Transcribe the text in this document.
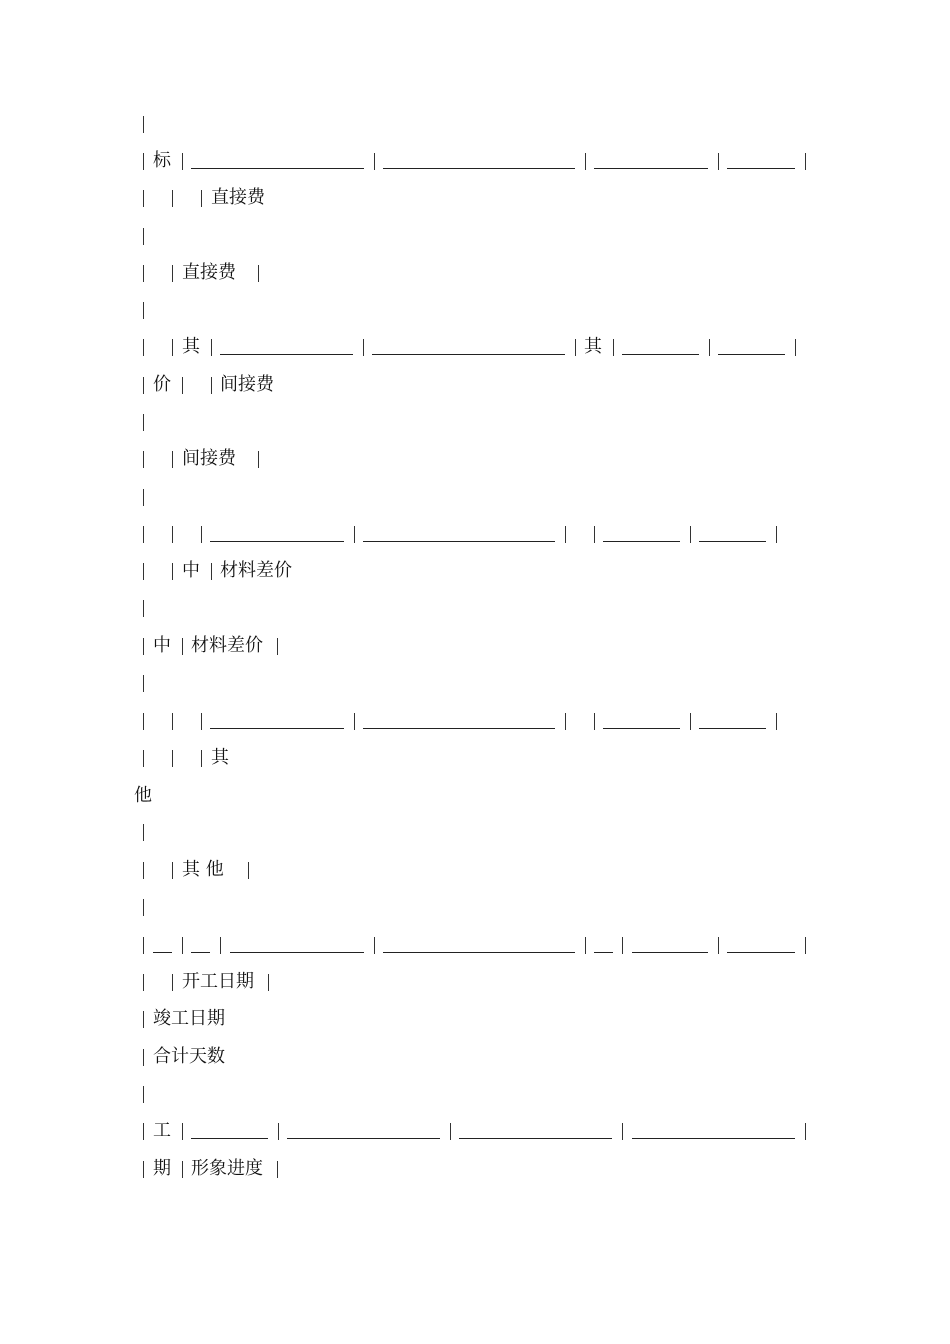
标
直接费
直接费
其	其
价	间接费
间接费
中 材料差价
中 材料差价
其
他
其 他
开工日期
竣工日期
合计天数
工
期 形象进度
